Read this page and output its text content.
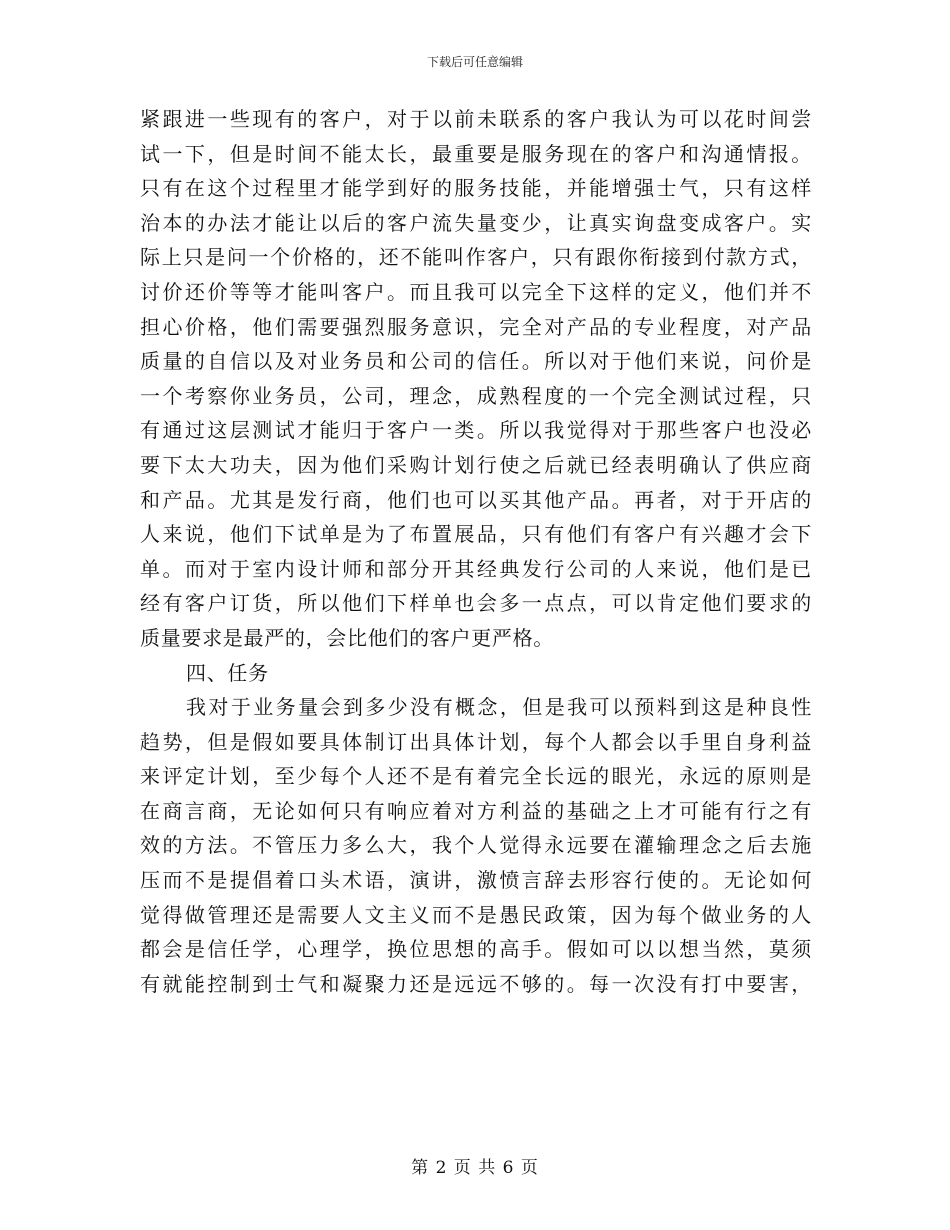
下载后可任意编辑
紧跟进一些现有的客户，对于以前未联系的客户我认为可以花时间尝
试一下，但是时间不能太长，最重要是服务现在的客户和沟通情报。
只有在这个过程里才能学到好的服务技能，并能增强士气，只有这样
治本的办法才能让以后的客户流失量变少，让真实询盘变成客户。实
际上只是问一个价格的，还不能叫作客户，只有跟你衔接到付款方式，
讨价还价等等才能叫客户。而且我可以完全下这样的定义，他们并不
担心价格，他们需要强烈服务意识，完全对产品的专业程度，对产品
质量的自信以及对业务员和公司的信任。所以对于他们来说，问价是
一个考察你业务员，公司，理念，成熟程度的一个完全测试过程，只
有通过这层测试才能归于客户一类。所以我觉得对于那些客户也没必
要下太大功夫，因为他们采购计划行使之后就已经表明确认了供应商
和产品。尤其是发行商，他们也可以买其他产品。再者，对于开店的
人来说，他们下试单是为了布置展品，只有他们有客户有兴趣才会下
单。而对于室内设计师和部分开其经典发行公司的人来说，他们是已
经有客户订货，所以他们下样单也会多一点点，可以肯定他们要求的
质量要求是最严的，会比他们的客户更严格。
四、任务
我对于业务量会到多少没有概念，但是我可以预料到这是种良性
趋势，但是假如要具体制订出具体计划，每个人都会以手里自身利益
来评定计划，至少每个人还不是有着完全长远的眼光，永远的原则是
在商言商，无论如何只有响应着对方利益的基础之上才可能有行之有
效的方法。不管压力多么大，我个人觉得永远要在灌输理念之后去施
压而不是提倡着口头术语，演讲，激愤言辞去形容行使的。无论如何
觉得做管理还是需要人文主义而不是愚民政策，因为每个做业务的人
都会是信任学，心理学，换位思想的高手。假如可以以想当然，莫须
有就能控制到士气和凝聚力还是远远不够的。每一次没有打中要害，
第 2 页 共 6 页
